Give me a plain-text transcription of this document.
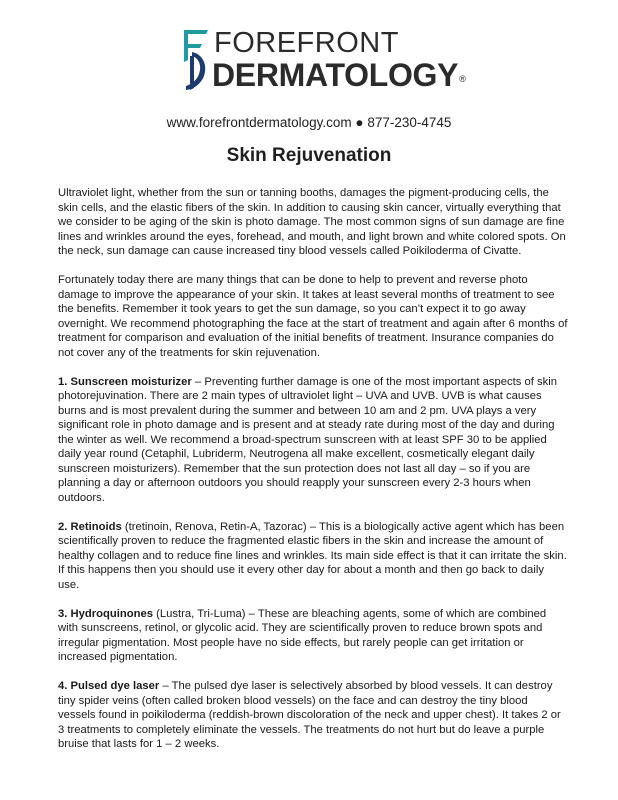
FOREFRONT
DERMATOLOGY®
www.forefrontdermatology.com ● 877-230-4745
Skin Rejuvenation

Ultraviolet light, whether from the sun or tanning booths, damages the pigment-producing cells, the skin cells, and the elastic fibers of the skin. In addition to causing skin cancer, virtually everything that we consider to be aging of the skin is photo damage. The most common signs of sun damage are fine lines and wrinkles around the eyes, forehead, and mouth, and light brown and white colored spots. On the neck, sun damage can cause increased tiny blood vessels called Poikiloderma of Civatte.

Fortunately today there are many things that can be done to help to prevent and reverse photo damage to improve the appearance of your skin. It takes at least several months of treatment to see the benefits. Remember it took years to get the sun damage, so you can’t expect it to go away overnight. We recommend photographing the face at the start of treatment and again after 6 months of treatment for comparison and evaluation of the initial benefits of treatment. Insurance companies do not cover any of the treatments for skin rejuvenation.

1. Sunscreen moisturizer – Preventing further damage is one of the most important aspects of skin photorejuvination. There are 2 main types of ultraviolet light – UVA and UVB. UVB is what causes burns and is most prevalent during the summer and between 10 am and 2 pm. UVA plays a very significant role in photo damage and is present and at steady rate during most of the day and during the winter as well. We recommend a broad-spectrum sunscreen with at least SPF 30 to be applied daily year round (Cetaphil, Lubriderm, Neutrogena all make excellent, cosmetically elegant daily sunscreen moisturizers). Remember that the sun protection does not last all day – so if you are planning a day or afternoon outdoors you should reapply your sunscreen every 2-3 hours when outdoors.

2. Retinoids (tretinoin, Renova, Retin-A, Tazorac) – This is a biologically active agent which has been scientifically proven to reduce the fragmented elastic fibers in the skin and increase the amount of healthy collagen and to reduce fine lines and wrinkles. Its main side effect is that it can irritate the skin. If this happens then you should use it every other day for about a month and then go back to daily use.

3. Hydroquinones (Lustra, Tri-Luma) – These are bleaching agents, some of which are combined with sunscreens, retinol, or glycolic acid. They are scientifically proven to reduce brown spots and irregular pigmentation. Most people have no side effects, but rarely people can get irritation or increased pigmentation.

4. Pulsed dye laser – The pulsed dye laser is selectively absorbed by blood vessels. It can destroy tiny spider veins (often called broken blood vessels) on the face and can destroy the tiny blood vessels found in poikiloderma (reddish-brown discoloration of the neck and upper chest). It takes 2 or 3 treatments to completely eliminate the vessels. The treatments do not hurt but do leave a purple bruise that lasts for 1 – 2 weeks.
